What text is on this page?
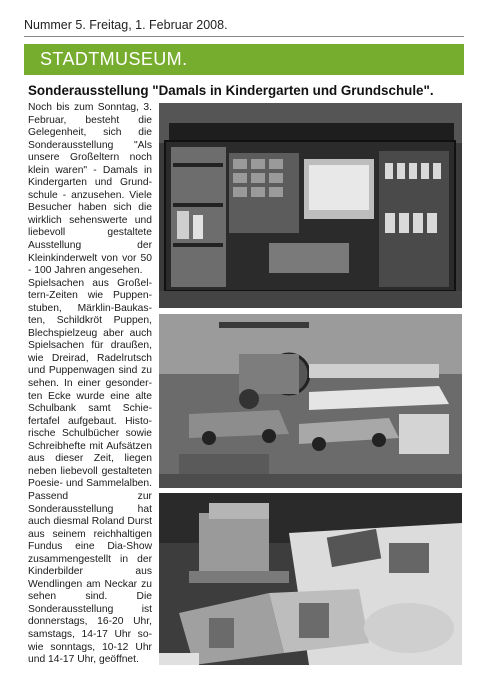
Nummer 5. Freitag, 1. Februar 2008.
STADTMUSEUM.
Sonderausstellung "Damals in Kindergarten und Grundschule".

Noch bis zum Sonntag, 3. Februar, besteht die Gelegenheit, sich die Sonderausstellung "Als unsere Großeltern noch klein waren" - Damals in Kindergarten und Grundschule - anzusehen. Viele Besucher haben sich die wirklich sehenswerte und liebevoll gestaltete Ausstellung der Kleinkinderwelt von vor 50 - 100 Jahren angesehen.

Spielsachen aus Großeltern-Zeiten wie Puppenstuben, Märklin-Baukasten, Schildkröt Puppen, Blechspielzeug aber auch Spielsachen für draußen, wie Dreirad, Radelrutsch und Puppenwagen sind zu sehen. In einer gesonderten Ecke wurde eine alte Schulbank samt Schiefertafel aufgebaut. Historische Schulbücher sowie Schreibhefte mit Aufsätzen aus dieser Zeit, liegen neben liebevoll gestalteten Poesie- und Sammelalben. Passend zur Sonderausstellung hat auch diesmal Roland Durst aus seinem reichhaltigen Fundus eine Dia-Show zusammengestellt in der Kinderbilder aus Wendlingen am Neckar zu sehen sind. Die Sonderausstellung ist donnerstags, 16-20 Uhr, samstags, 14-17 Uhr sowie sonntags, 10-12 Uhr und 14-17 Uhr, geöffnet.
